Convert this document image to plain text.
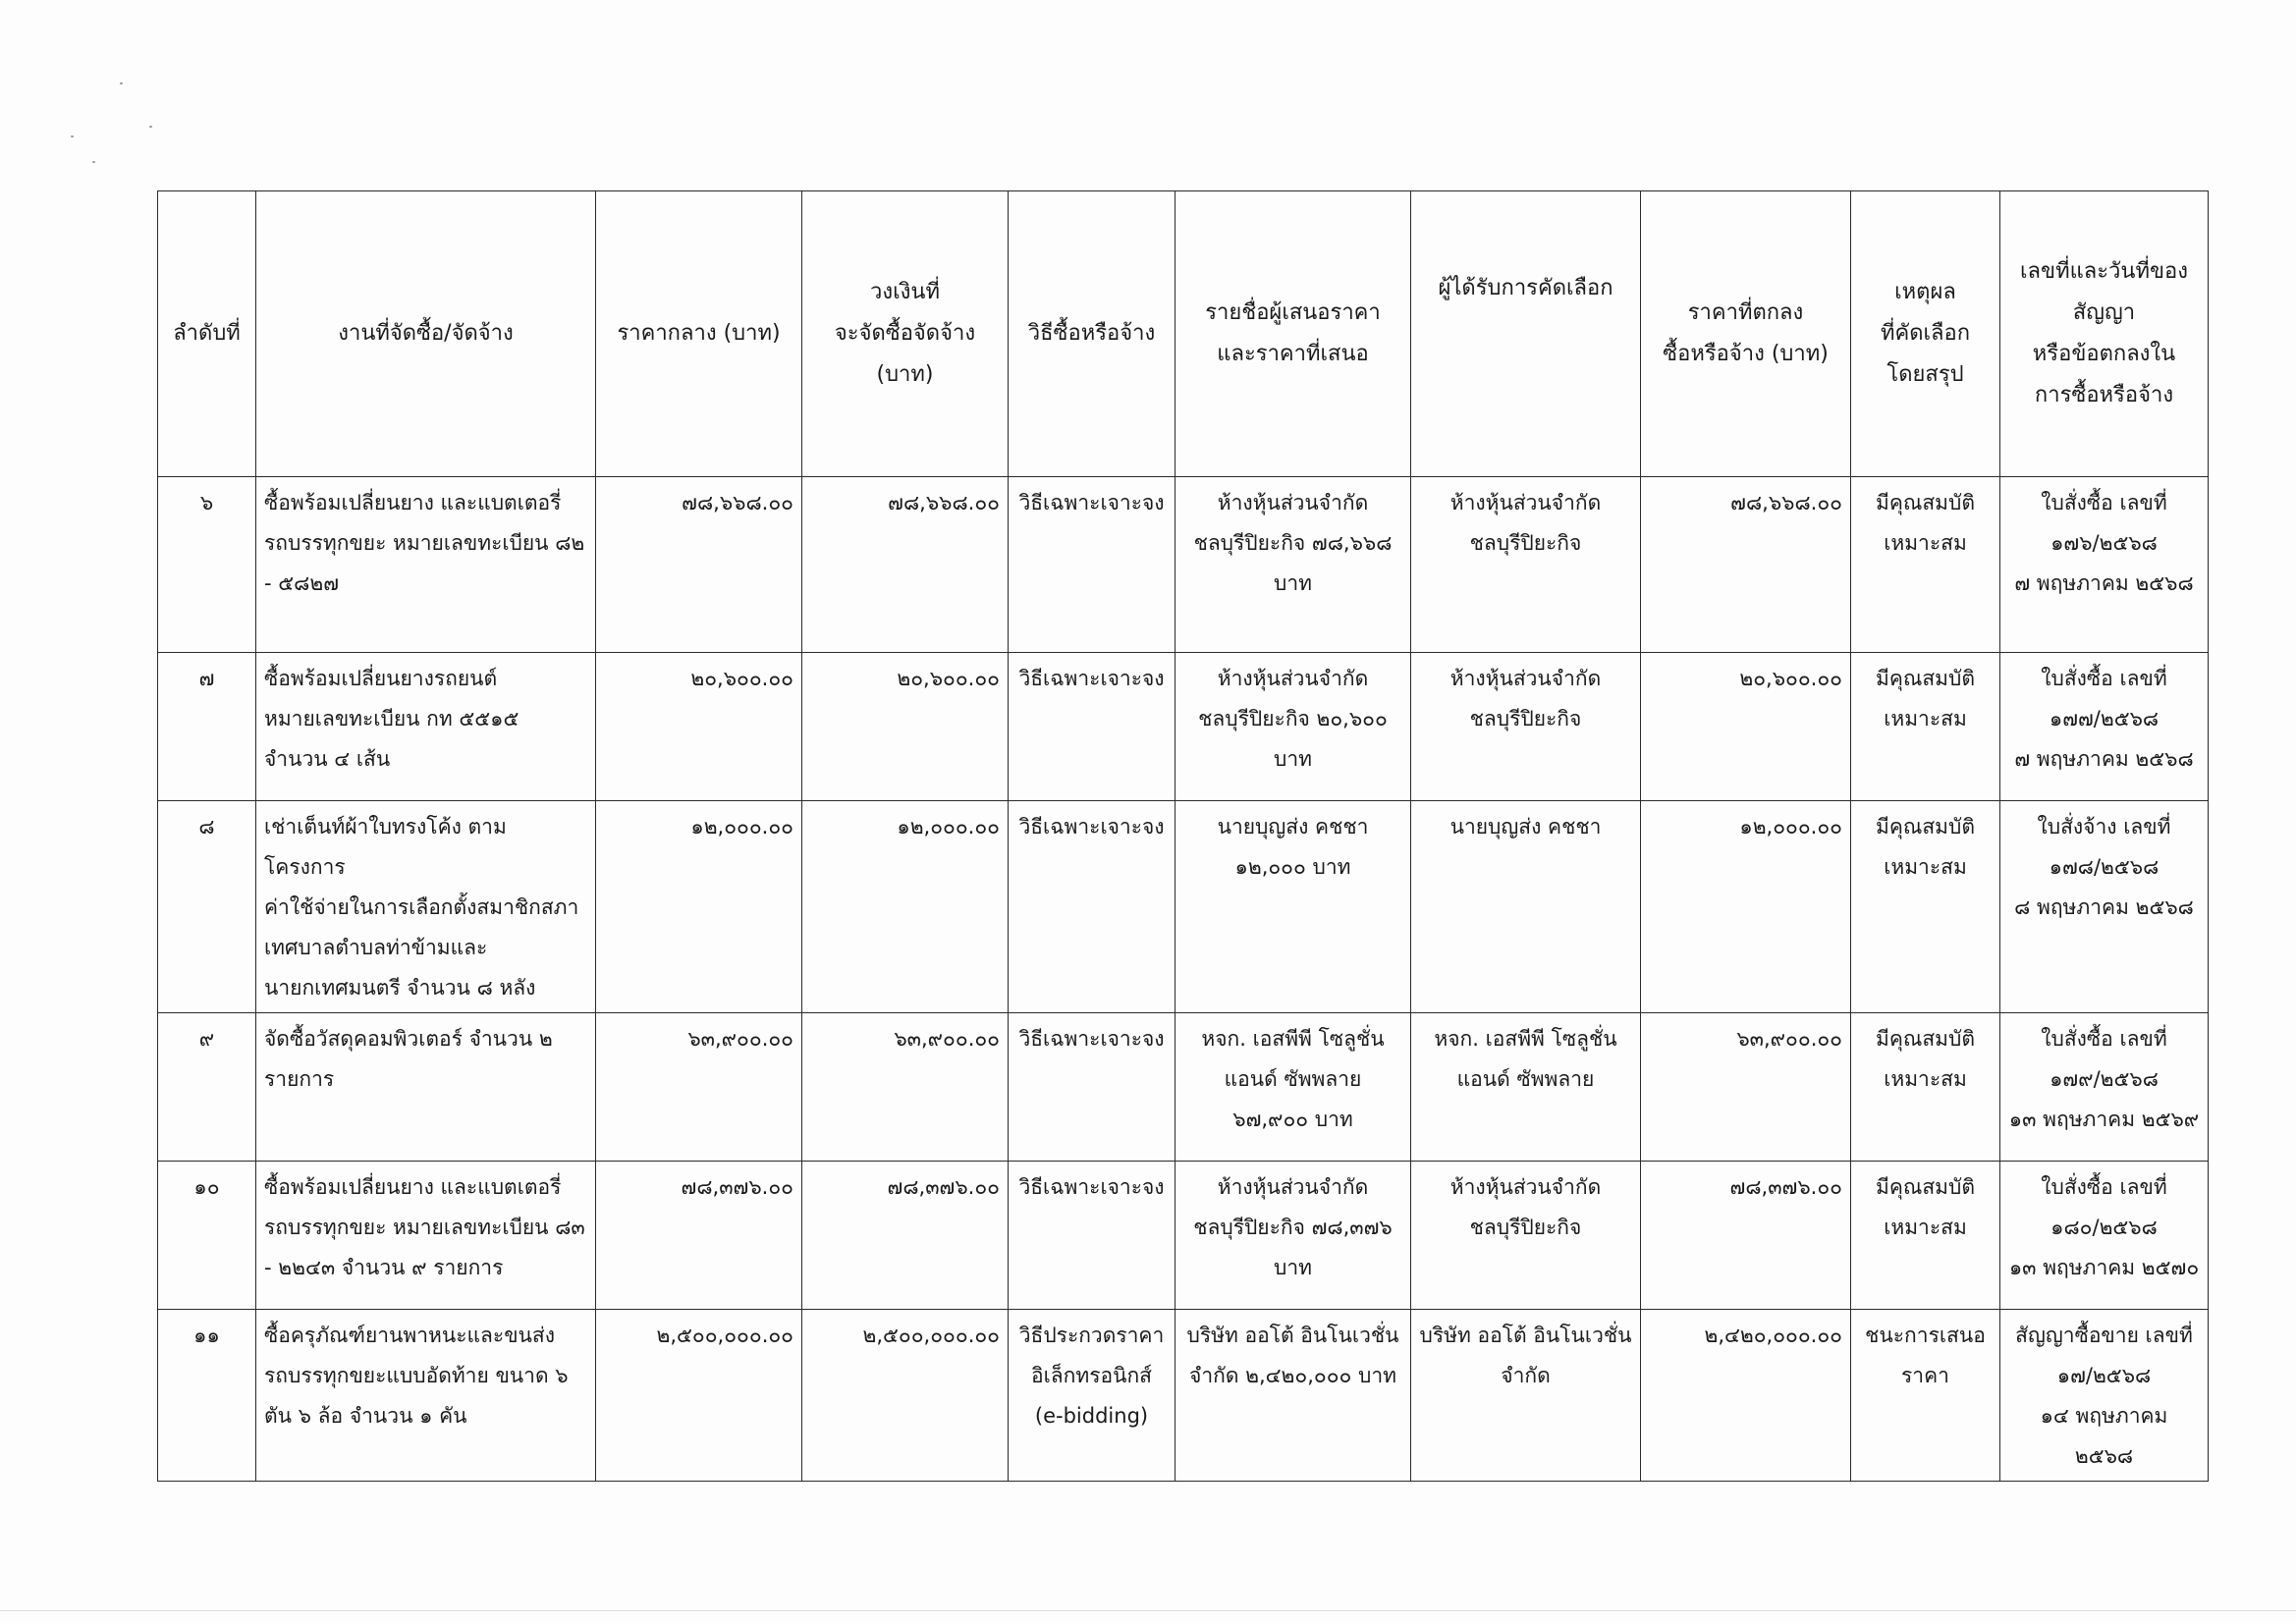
ลำดับที่	งานที่จัดซื้อ/จัดจ้าง	ราคากลาง (บาท)	วงเงินที่
จะจัดซื้อจัดจ้าง
(บาท)	วิธีซื้อหรือจ้าง	รายชื่อผู้เสนอราคา
และราคาที่เสนอ	ผู้ได้รับการคัดเลือก	ราคาที่ตกลง
ซื้อหรือจ้าง (บาท)	เหตุผล
ที่คัดเลือก
โดยสรุป	เลขที่และวันที่ของ
สัญญา
หรือข้อตกลงใน
การซื้อหรือจ้าง
๖	ซื้อพร้อมเปลี่ยนยาง และแบตเตอรี่
รถบรรทุกขยะ หมายเลขทะเบียน ๘๒
- ๕๘๒๗	๗๘,๖๖๘.๐๐	๗๘,๖๖๘.๐๐	วิธีเฉพาะเจาะจง	ห้างหุ้นส่วนจำกัด
ชลบุรีปิยะกิจ ๗๘,๖๖๘
บาท	ห้างหุ้นส่วนจำกัด
ชลบุรีปิยะกิจ	๗๘,๖๖๘.๐๐	มีคุณสมบัติ
เหมาะสม	ใบสั่งซื้อ เลขที่
๑๗๖/๒๕๖๘
๗ พฤษภาคม ๒๕๖๘
๗	ซื้อพร้อมเปลี่ยนยางรถยนต์
หมายเลขทะเบียน กท ๕๕๑๕
จำนวน ๔ เส้น	๒๐,๖๐๐.๐๐	๒๐,๖๐๐.๐๐	วิธีเฉพาะเจาะจง	ห้างหุ้นส่วนจำกัด
ชลบุรีปิยะกิจ ๒๐,๖๐๐
บาท	ห้างหุ้นส่วนจำกัด
ชลบุรีปิยะกิจ	๒๐,๖๐๐.๐๐	มีคุณสมบัติ
เหมาะสม	ใบสั่งซื้อ เลขที่
๑๗๗/๒๕๖๘
๗ พฤษภาคม ๒๕๖๘
๘	เช่าเต็นท์ผ้าใบทรงโค้ง ตามโครงการ
ค่าใช้จ่ายในการเลือกตั้งสมาชิกสภา
เทศบาลตำบลท่าข้ามและ
นายกเทศมนตรี จำนวน ๘ หลัง	๑๒,๐๐๐.๐๐	๑๒,๐๐๐.๐๐	วิธีเฉพาะเจาะจง	นายบุญส่ง คชชา
๑๒,๐๐๐ บาท	นายบุญส่ง คชชา	๑๒,๐๐๐.๐๐	มีคุณสมบัติ
เหมาะสม	ใบสั่งจ้าง เลขที่
๑๗๘/๒๕๖๘
๘ พฤษภาคม ๒๕๖๘
๙	จัดซื้อวัสดุคอมพิวเตอร์ จำนวน ๒
รายการ	๖๓,๙๐๐.๐๐	๖๓,๙๐๐.๐๐	วิธีเฉพาะเจาะจง	หจก. เอสพีพี โซลูชั่น
แอนด์ ซัพพลาย
๖๗,๙๐๐ บาท	หจก. เอสพีพี โซลูชั่น
แอนด์ ซัพพลาย	๖๓,๙๐๐.๐๐	มีคุณสมบัติ
เหมาะสม	ใบสั่งซื้อ เลขที่
๑๗๙/๒๕๖๘
๑๓ พฤษภาคม ๒๕๖๙
๑๐	ซื้อพร้อมเปลี่ยนยาง และแบตเตอรี่
รถบรรทุกขยะ หมายเลขทะเบียน ๘๓
- ๒๒๔๓ จำนวน ๙ รายการ	๗๘,๓๗๖.๐๐	๗๘,๓๗๖.๐๐	วิธีเฉพาะเจาะจง	ห้างหุ้นส่วนจำกัด
ชลบุรีปิยะกิจ ๗๘,๓๗๖
บาท	ห้างหุ้นส่วนจำกัด
ชลบุรีปิยะกิจ	๗๘,๓๗๖.๐๐	มีคุณสมบัติ
เหมาะสม	ใบสั่งซื้อ เลขที่
๑๘๐/๒๕๖๘
๑๓ พฤษภาคม ๒๕๗๐
๑๑	ซื้อครุภัณฑ์ยานพาหนะและขนส่ง
รถบรรทุกขยะแบบอัดท้าย ขนาด ๖
ตัน ๖ ล้อ จำนวน ๑ คัน	๒,๕๐๐,๐๐๐.๐๐	๒,๕๐๐,๐๐๐.๐๐	วิธีประกวดราคา
อิเล็กทรอนิกส์
(e-bidding)	บริษัท ออโต้ อินโนเวชั่น
จำกัด ๒,๔๒๐,๐๐๐ บาท	บริษัท ออโต้ อินโนเวชั่น
จำกัด	๒,๔๒๐,๐๐๐.๐๐	ชนะการเสนอ
ราคา	สัญญาซื้อขาย เลขที่
๑๗/๒๕๖๘
๑๔ พฤษภาคม ๒๕๖๘
